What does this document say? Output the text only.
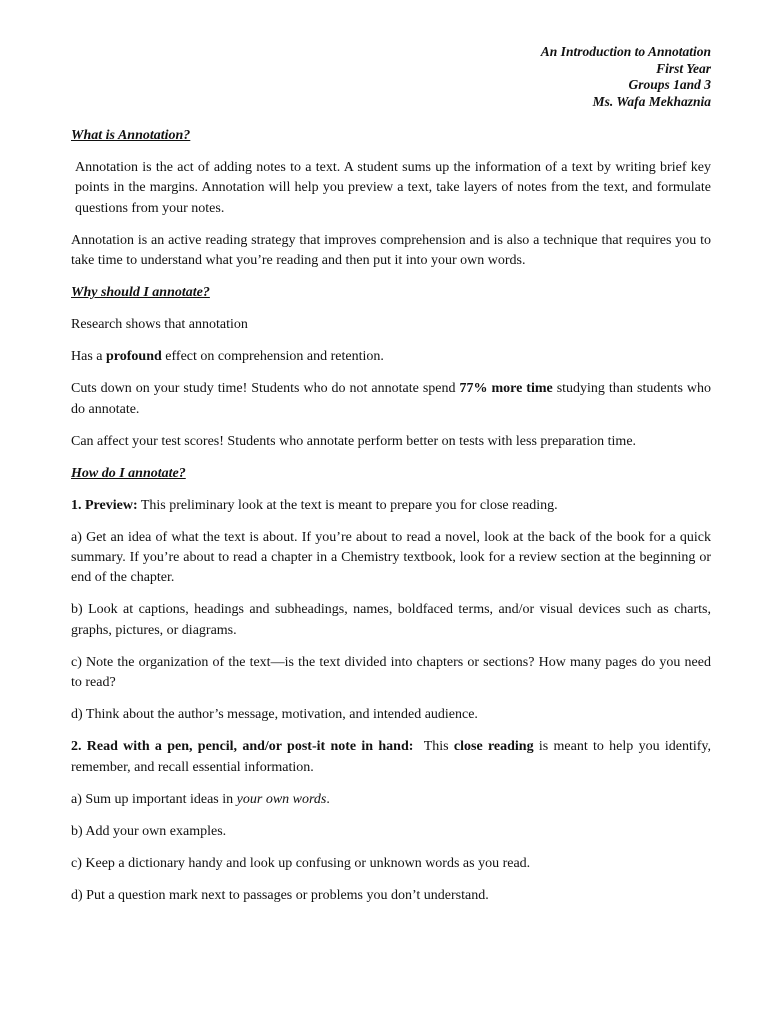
An Introduction to Annotation
First Year
Groups 1and 3
Ms. Wafa Mekhaznia

What is Annotation?

Annotation is the act of adding notes to a text. A student sums up the information of a text by writing brief key points in the margins. Annotation will help you preview a text, take layers of notes from the text, and formulate questions from your notes.

Annotation is an active reading strategy that improves comprehension and is also a technique that requires you to take time to understand what you’re reading and then put it into your own words.

Why should I annotate?

Research shows that annotation

Has a profound effect on comprehension and retention.

Cuts down on your study time! Students who do not annotate spend 77% more time studying than students who do annotate.

Can affect your test scores! Students who annotate perform better on tests with less preparation time.

How do I annotate?

1. Preview: This preliminary look at the text is meant to prepare you for close reading.

a) Get an idea of what the text is about. If you’re about to read a novel, look at the back of the book for a quick summary. If you’re about to read a chapter in a Chemistry textbook, look for a review section at the beginning or end of the chapter.

b) Look at captions, headings and subheadings, names, boldfaced terms, and/or visual devices such as charts, graphs, pictures, or diagrams.

c) Note the organization of the text—is the text divided into chapters or sections? How many pages do you need to read?

d) Think about the author’s message, motivation, and intended audience.

2. Read with a pen, pencil, and/or post-it note in hand:  This close reading is meant to help you identify, remember, and recall essential information.

a) Sum up important ideas in your own words.

b) Add your own examples.

c) Keep a dictionary handy and look up confusing or unknown words as you read.

d) Put a question mark next to passages or problems you don’t understand.
